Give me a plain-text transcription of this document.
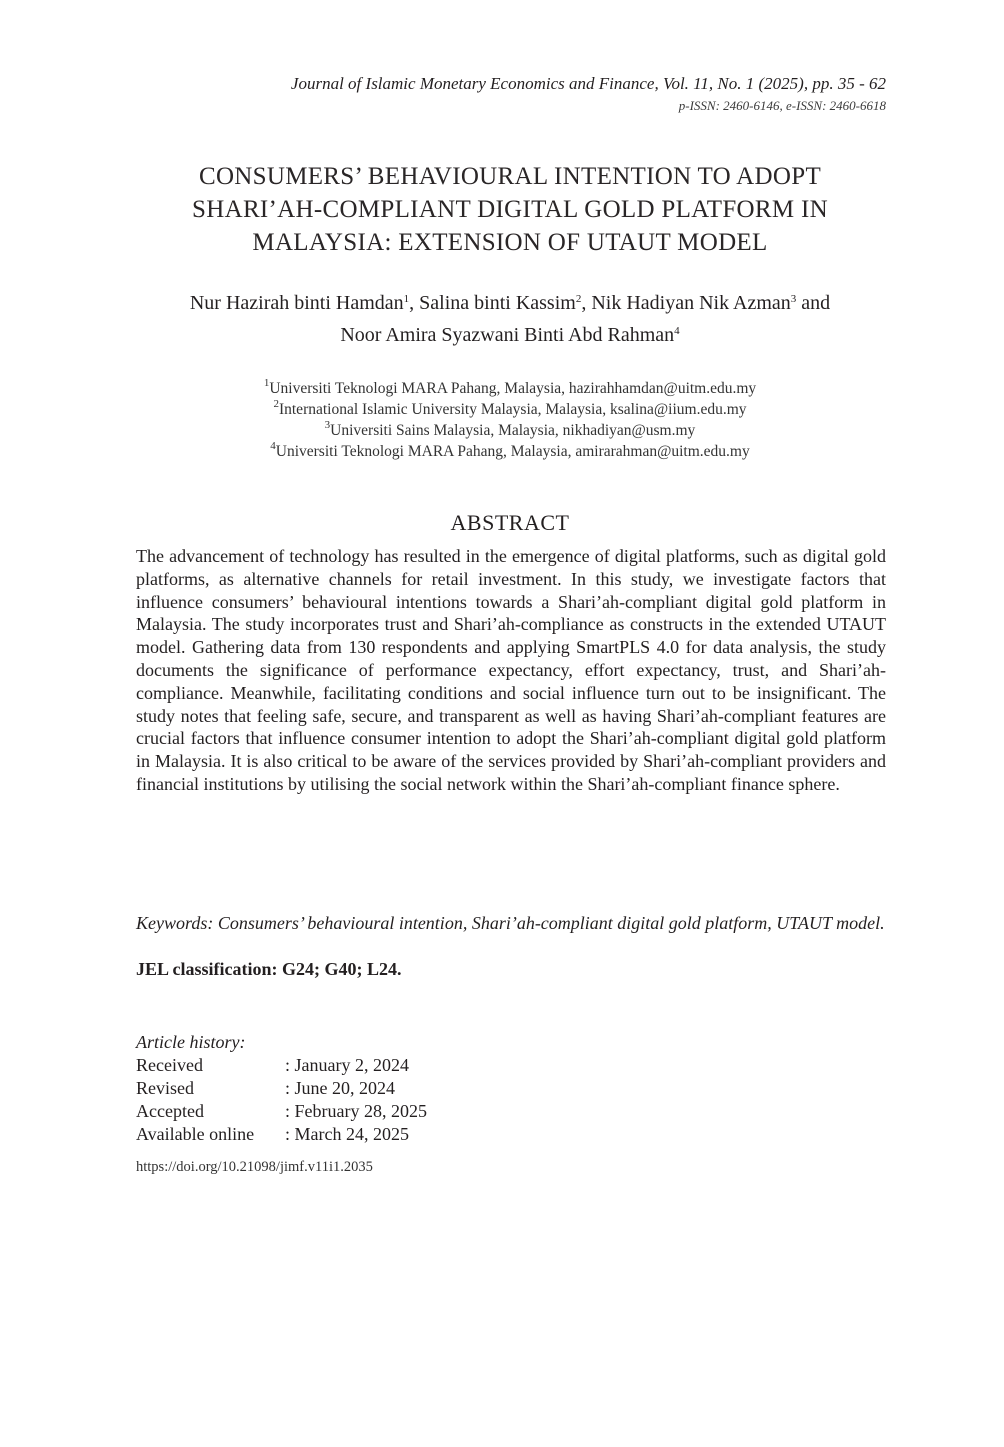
Journal of Islamic Monetary Economics and Finance, Vol. 11, No. 1 (2025), pp. 35 - 62
p-ISSN: 2460-6146, e-ISSN: 2460-6618
CONSUMERS’ BEHAVIOURAL INTENTION TO ADOPT
SHARI’AH-COMPLIANT DIGITAL GOLD PLATFORM IN
MALAYSIA: EXTENSION OF UTAUT MODEL
Nur Hazirah binti Hamdan$^1$, Salina binti Kassim$^2$, Nik Hadiyan Nik Azman$^3$ and
Noor Amira Syazwani Binti Abd Rahman$^4$
$^1$Universiti Teknologi MARA Pahang, Malaysia, hazirahhamdan@uitm.edu.my
$^2$International Islamic University Malaysia, Malaysia, ksalina@iium.edu.my
$^3$Universiti Sains Malaysia, Malaysia, nikhadiyan@usm.my
$^4$Universiti Teknologi MARA Pahang, Malaysia, amirarahman@uitm.edu.my
ABSTRACT

The advancement of technology has resulted in the emergence of digital platforms, such as digital gold platforms, as alternative channels for retail investment. In this study, we investigate factors that influence consumers’ behavioural intentions towards a Shari’ah-compliant digital gold platform in Malaysia. The study incorporates trust and Shari’ah-compliance as constructs in the extended UTAUT model. Gathering data from 130 respondents and applying SmartPLS 4.0 for data analysis, the study documents the significance of performance expectancy, effort expectancy, trust, and Shari’ah-compliance. Meanwhile, facilitating conditions and social influence turn out to be insignificant. The study notes that feeling safe, secure, and transparent as well as having Shari’ah-compliant features are crucial factors that influence consumer intention to adopt the Shari’ah-compliant digital gold platform in Malaysia. It is also critical to be aware of the services provided by Shari’ah-compliant providers and financial institutions by utilising the social network within the Shari’ah-compliant finance sphere.

Keywords: Consumers’ behavioural intention, Shari’ah-compliant digital gold platform, UTAUT model.

JEL classification: G24; G40; L24.
Article history:
Received	: January 2, 2024
Revised	: June 20, 2024
Accepted	: February 28, 2025
Available online	: March 24, 2025
https://doi.org/10.21098/jimf.v11i1.2035
